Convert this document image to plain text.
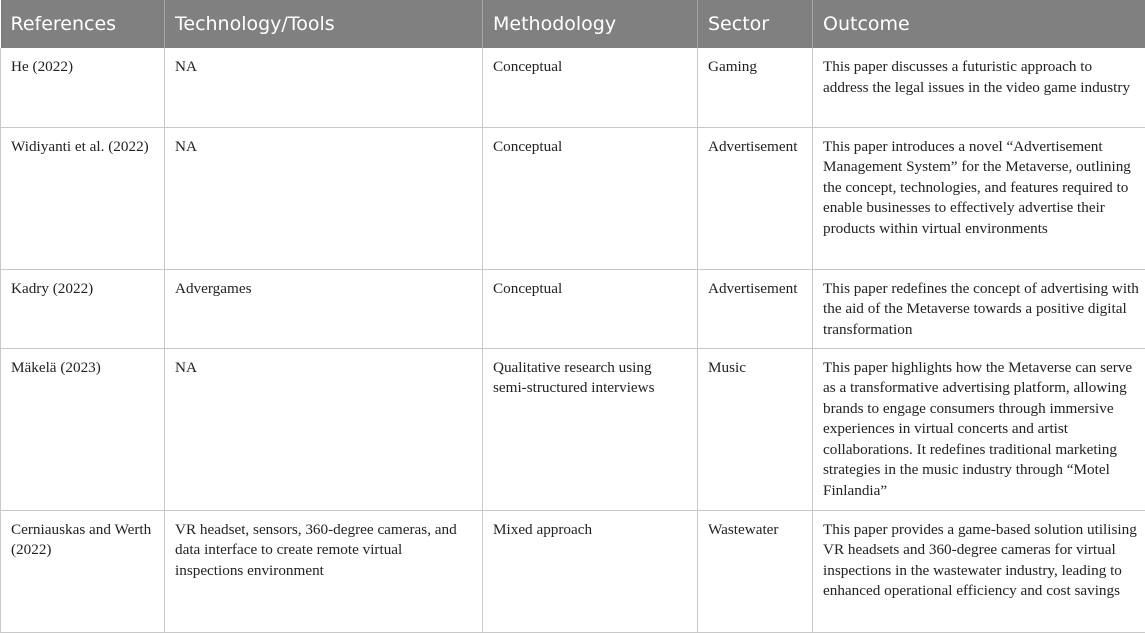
References	Technology/Tools	Methodology	Sector	Outcome
He (2022)	NA	Conceptual	Gaming	This paper discusses a futuristic approach to address the legal issues in the video game industry
Widiyanti et al. (2022)	NA	Conceptual	Advertisement	This paper introduces a novel “Advertisement Management System” for the Metaverse, outlining the concept, technologies, and features required to enable businesses to effectively advertise their products within virtual environments
Kadry (2022)	Advergames	Conceptual	Advertisement	This paper redefines the concept of advertising with the aid of the Metaverse towards a positive digital transformation
Mäkelä (2023)	NA	Qualitative research using semi-structured interviews	Music	This paper highlights how the Metaverse can serve as a transformative advertising platform, allowing brands to engage consumers through immersive experiences in virtual concerts and artist collaborations. It redefines traditional marketing strategies in the music industry through “Motel Finlandia”
Cerniauskas and Werth (2022)	VR headset, sensors, 360-degree cameras, and data interface to create remote virtual inspections environment	Mixed approach	Wastewater	This paper provides a game-based solution utilising VR headsets and 360-degree cameras for virtual inspections in the wastewater industry, leading to enhanced operational efficiency and cost savings
